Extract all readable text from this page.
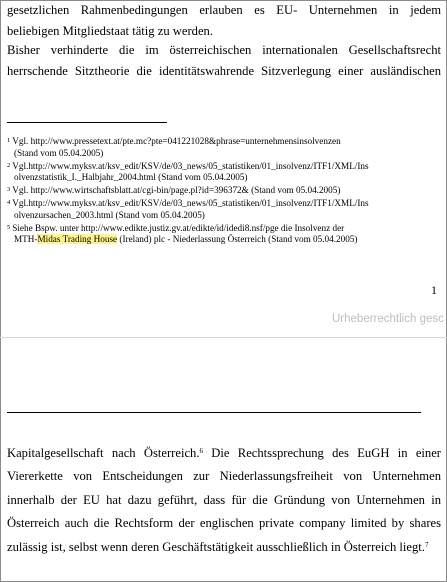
gesetzlichen Rahmenbedingungen erlauben es EU- Unternehmen in jedem
beliebigen Mitgliedstaat tätig zu werden.
Bisher verhinderte die im österreichischen internationalen Gesellschaftsrecht
herrschende Sitztheorie die identitätswahrende Sitzverlegung einer ausländischen
$^1$ Vgl. http://www.pressetext.at/pte.mc?pte=041221028&phrase=unternehmensinsolvenzen
(Stand vom 05.04.2005)
$^2$ Vgl.http://www.myksv.at/ksv_edit/KSV/de/03_news/05_statistiken/01_insolvenz/ITF1/XML/Ins
olvenzstatistik_I._Halbjahr_2004.html (Stand vom 05.04.2005)
$^3$ Vgl. http://www.wirtschaftsblatt.at/cgi-bin/page.pl?id=396372& (Stand vom 05.04.2005)
$^4$ Vgl.http://www.myksv.at/ksv_edit/KSV/de/03_news/05_statistiken/01_insolvenz/ITF1/XML/Ins
olvenzursachen_2003.html (Stand vom 05.04.2005)
$^5$ Siehe Bspw. unter http://www.edikte.justiz.gv.at/edikte/id/idedi8.nsf/pge die Insolvenz der
MTH-Midas Trading House (Ireland) plc - Niederlassung Österreich (Stand vom 05.04.2005)
1
Urheberrechtlich gesc
Kapitalgesellschaft nach Österreich.$^6$ Die Rechtssprechung des EuGH in einer Viererkette von Entscheidungen zur Niederlassungsfreiheit von Unternehmen innerhalb der EU hat dazu geführt, dass für die Gründung von Unternehmen in Österreich auch die Rechtsform der englischen private company limited by shares zulässig ist, selbst wenn deren Geschäftstätigkeit ausschließlich in Österreich liegt.$^7$
